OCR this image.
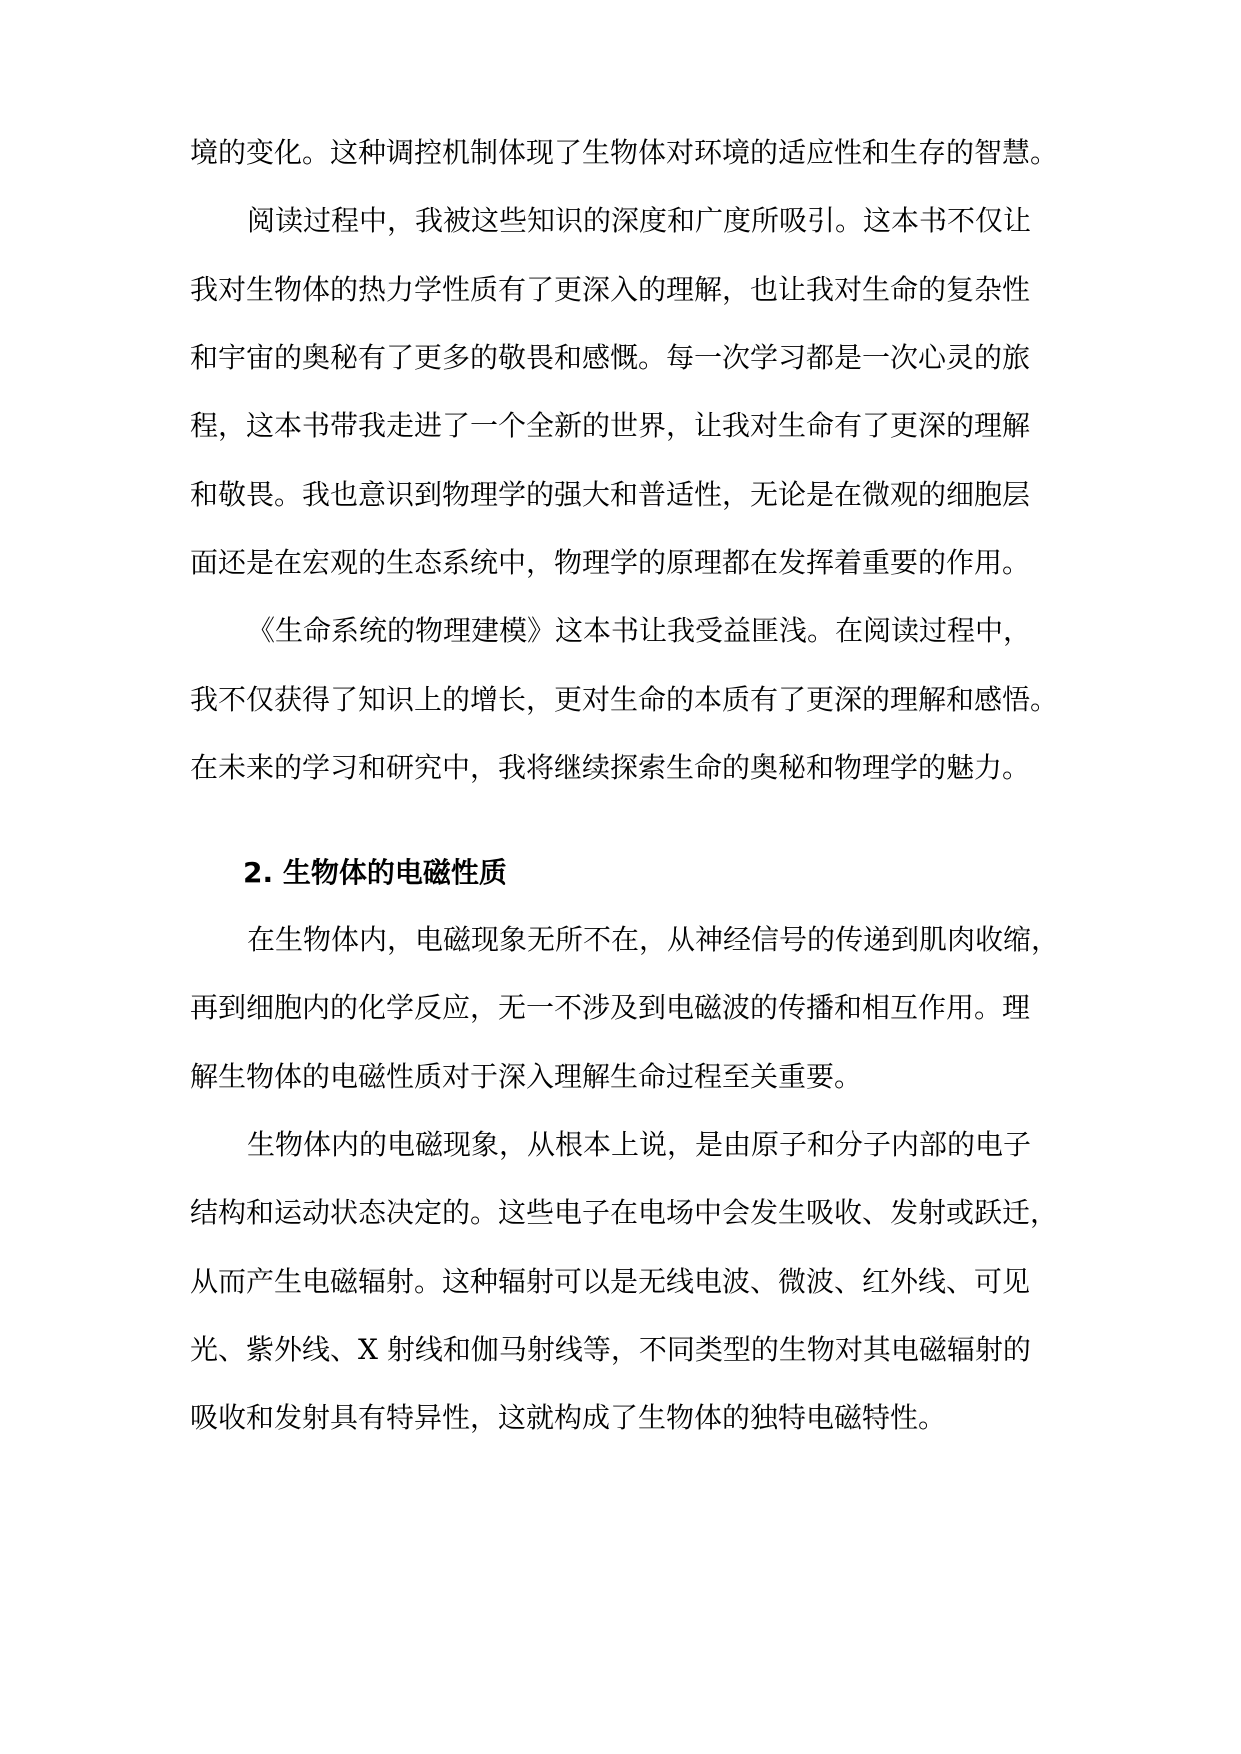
境的变化。这种调控机制体现了生物体对环境的适应性和生存的智慧。
阅读过程中，我被这些知识的深度和广度所吸引。这本书不仅让
我对生物体的热力学性质有了更深入的理解，也让我对生命的复杂性
和宇宙的奥秘有了更多的敬畏和感慨。每一次学习都是一次心灵的旅
程，这本书带我走进了一个全新的世界，让我对生命有了更深的理解
和敬畏。我也意识到物理学的强大和普适性，无论是在微观的细胞层
面还是在宏观的生态系统中，物理学的原理都在发挥着重要的作用。
《生命系统的物理建模》这本书让我受益匪浅。在阅读过程中，
我不仅获得了知识上的增长，更对生命的本质有了更深的理解和感悟。
在未来的学习和研究中，我将继续探索生命的奥秘和物理学的魅力。
2. 生物体的电磁性质
在生物体内，电磁现象无所不在，从神经信号的传递到肌肉收缩，
再到细胞内的化学反应，无一不涉及到电磁波的传播和相互作用。理
解生物体的电磁性质对于深入理解生命过程至关重要。
生物体内的电磁现象，从根本上说，是由原子和分子内部的电子
结构和运动状态决定的。这些电子在电场中会发生吸收、发射或跃迁，
从而产生电磁辐射。这种辐射可以是无线电波、微波、红外线、可见
光、紫外线、X 射线和伽马射线等，不同类型的生物对其电磁辐射的
吸收和发射具有特异性，这就构成了生物体的独特电磁特性。
